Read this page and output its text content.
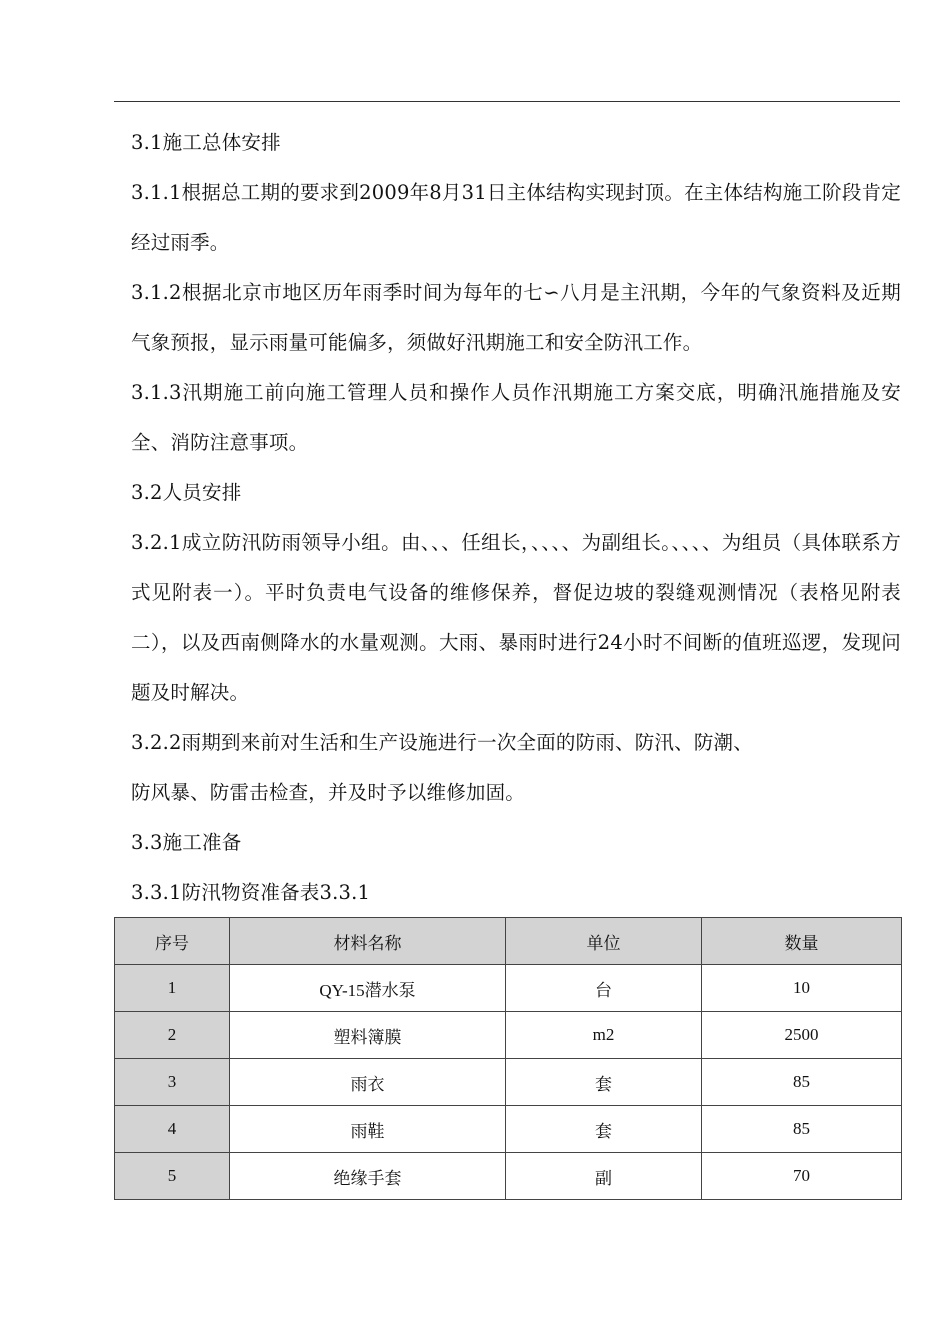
3.1施工总体安排

3.1.1根据总工期的要求到2009年8月31日主体结构实现封顶。在主体结构施工阶段肯定经过雨季。

3.1.2根据北京市地区历年雨季时间为每年的七∽八月是主汛期，今年的气象资料及近期气象预报，显示雨量可能偏多，须做好汛期施工和安全防汛工作。

3.1.3汛期施工前向施工管理人员和操作人员作汛期施工方案交底，明确汛施措施及安全、消防注意事项。

3.2人员安排

3.2.1成立防汛防雨领导小组。由、、、任组长，、、、、为副组长。、、、、为组员（具体联系方式见附表一）。平时负责电气设备的维修保养，督促边坡的裂缝观测情况（表格见附表二），以及西南侧降水的水量观测。大雨、暴雨时进行24小时不间断的值班巡逻，发现问题及时解决。

3.2.2雨期到来前对生活和生产设施进行一次全面的防雨、防汛、防潮、

防风暴、防雷击检查，并及时予以维修加固。

3.3施工准备

3.3.1防汛物资准备表3.3.1

序号	材料名称	单位	数量
1	QY-15潜水泵	台	10
2	塑料簿膜	m2	2500
3	雨衣	套	85
4	雨鞋	套	85
5	绝缘手套	副	70
